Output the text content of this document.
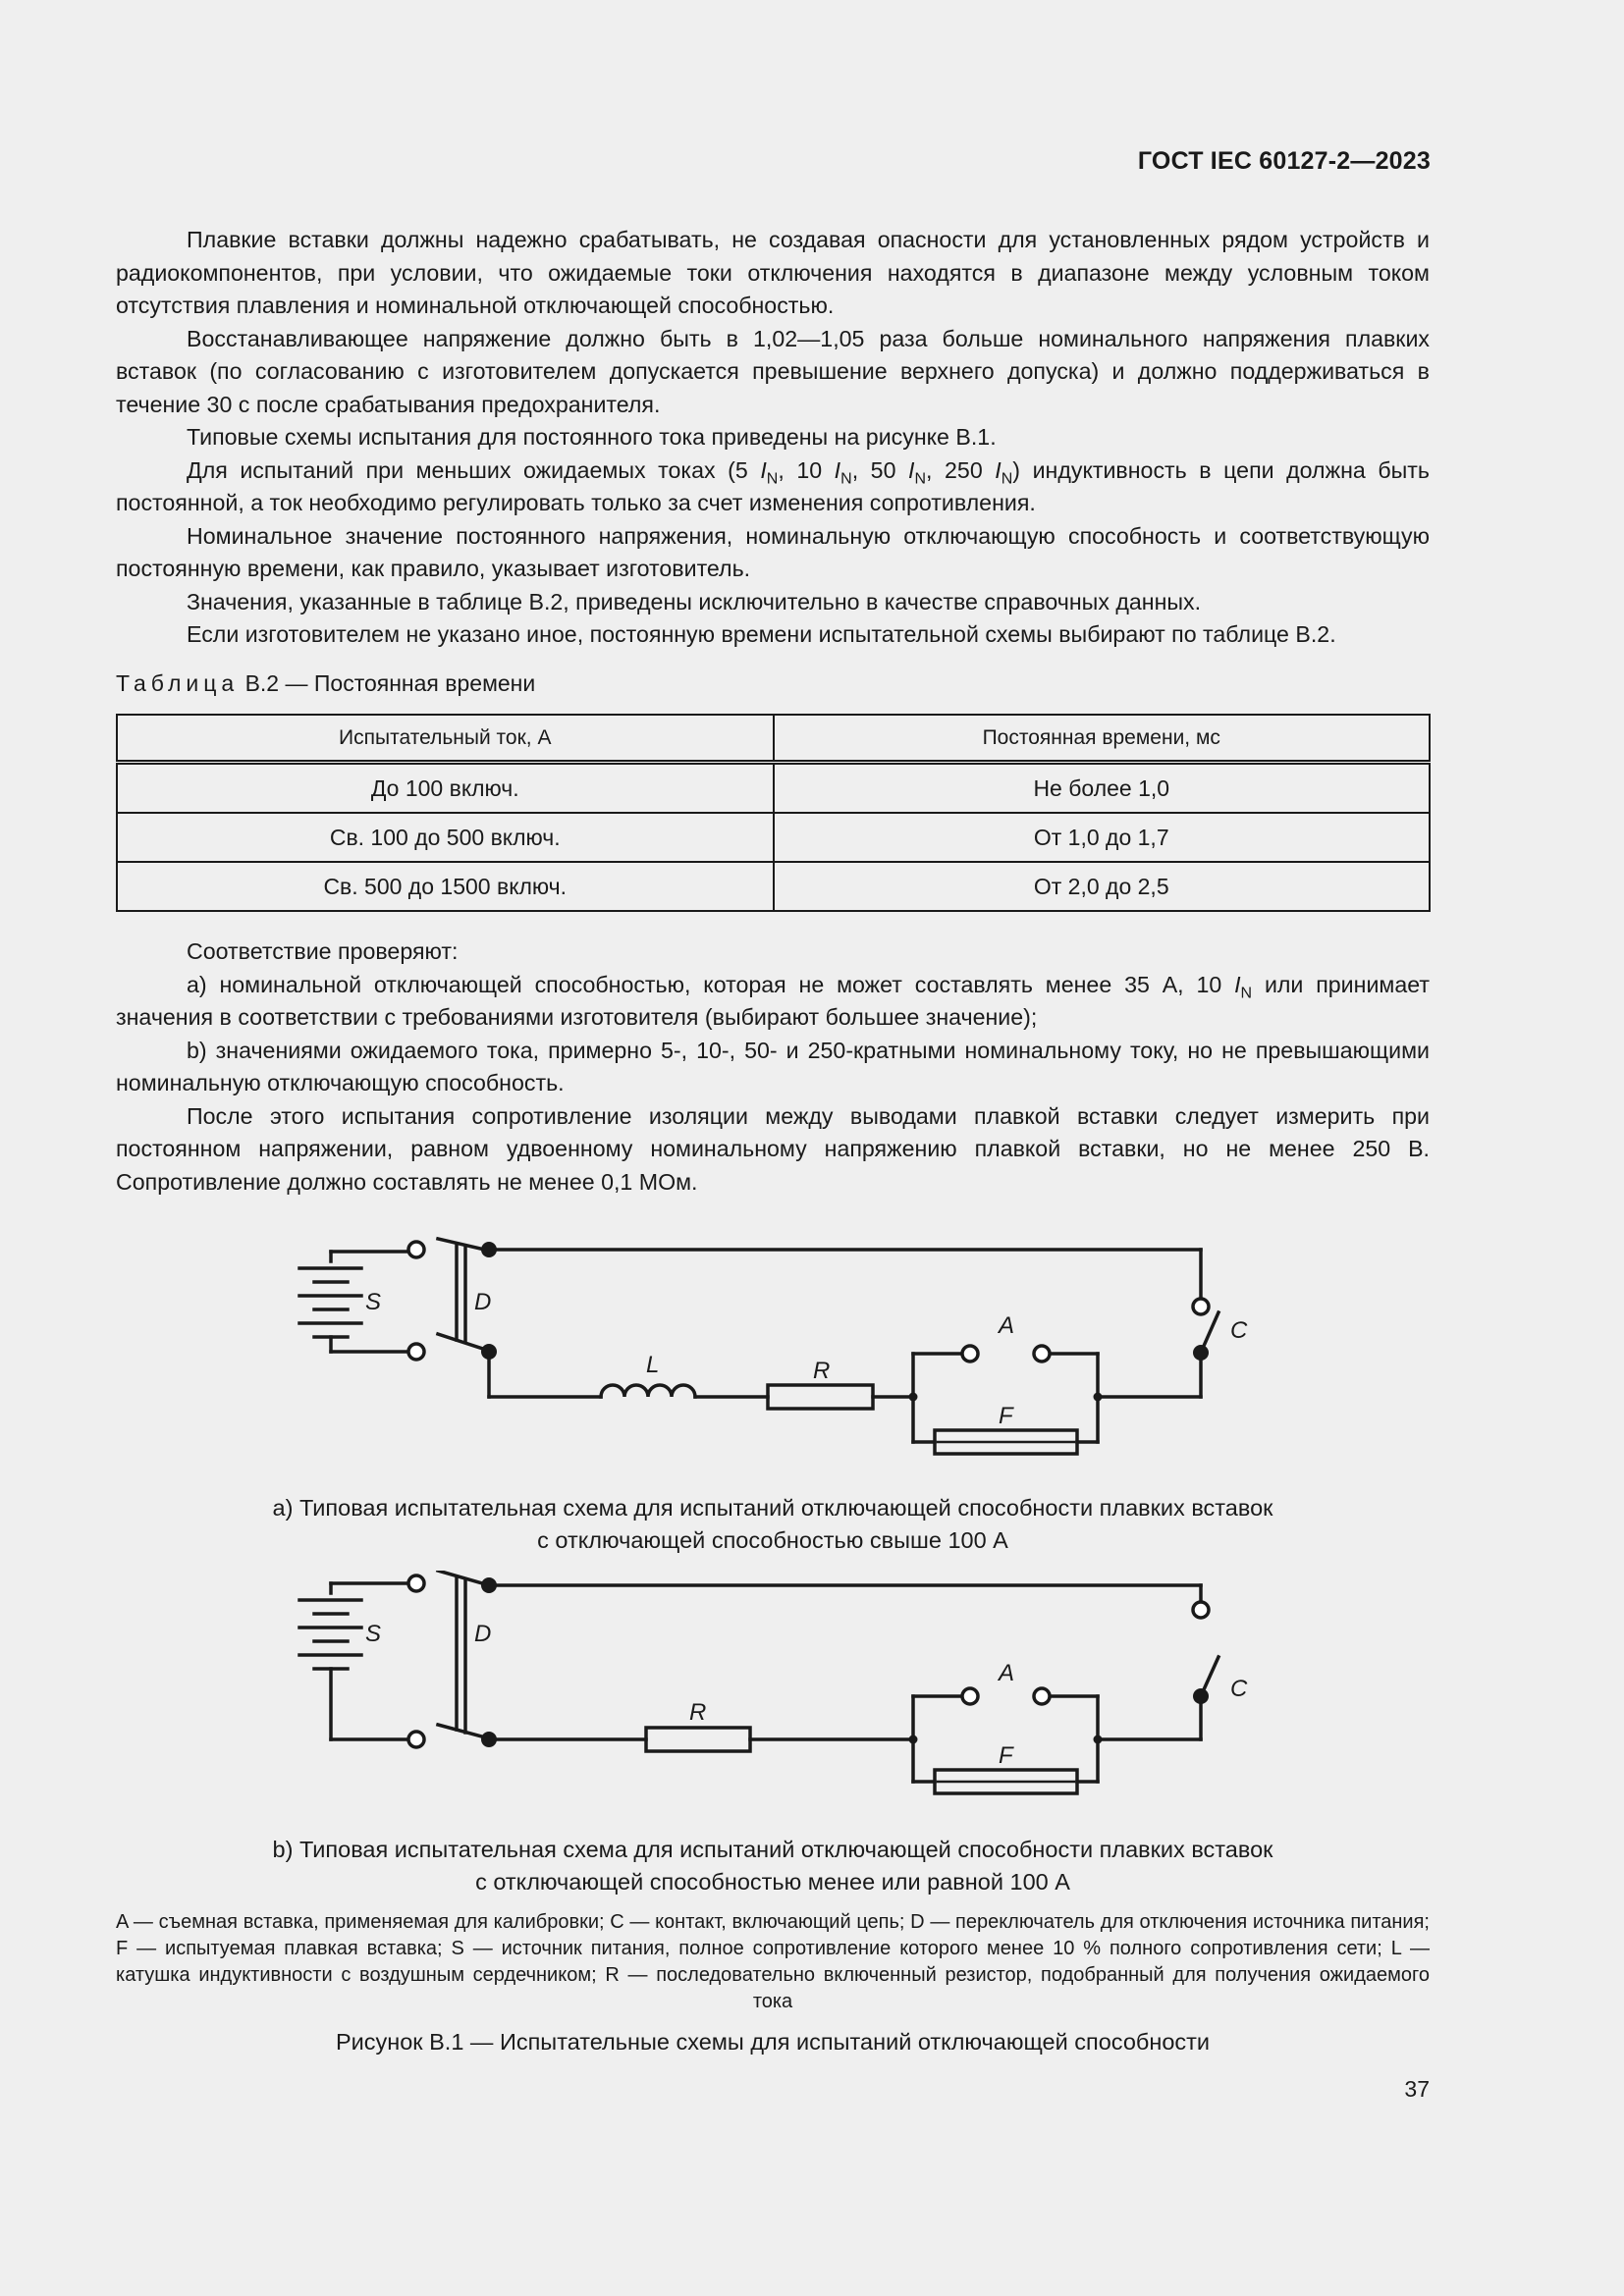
ГОСТ IEC 60127-2—2023

Плавкие вставки должны надежно срабатывать, не создавая опасности для установленных рядом устройств и радиокомпонентов, при условии, что ожидаемые токи отключения находятся в диапазоне между условным током отсутствия плавления и номинальной отключающей способностью.

Восстанавливающее напряжение должно быть в 1,02—1,05 раза больше номинального напряжения плавких вставок (по согласованию с изготовителем допускается превышение верхнего допуска) и должно поддерживаться в течение 30 с после срабатывания предохранителя.

Типовые схемы испытания для постоянного тока приведены на рисунке B.1.

Для испытаний при меньших ожидаемых токах (5 $I_N$, 10 $I_N$, 50 $I_N$, 250 $I_N$) индуктивность в цепи должна быть постоянной, а ток необходимо регулировать только за счет изменения сопротивления.

Номинальное значение постоянного напряжения, номинальную отключающую способность и соответствующую постоянную времени, как правило, указывает изготовитель.

Значения, указанные в таблице B.2, приведены исключительно в качестве справочных данных.

Если изготовителем не указано иное, постоянную времени испытательной схемы выбирают по таблице B.2.

Таблица B.2 — Постоянная времени
Испытательный ток, А	Постоянная времени, мс
До 100 включ.	Не более 1,0
Св. 100 до 500 включ.	От 1,0 до 1,7
Св. 500 до 1500 включ.	От 2,0 до 2,5

Соответствие проверяют:

a) номинальной отключающей способностью, которая не может составлять менее 35 А, 10 $I_N$ или принимает значения в соответствии с требованиями изготовителя (выбирают большее значение);

b) значениями ожидаемого тока, примерно 5-, 10-, 50- и 250-кратными номинальному току, но не превышающими номинальную отключающую способность.

После этого испытания сопротивление изоляции между выводами плавкой вставки следует измерить при постоянном напряжении, равном удвоенному номинальному напряжению плавкой вставки, но не менее 250 В. Сопротивление должно составлять не менее 0,1 МОм.

S	D
L	R
A
F
C
a) Типовая испытательная схема для испытаний отключающей способности плавких вставок
с отключающей способностью свыше 100 А
S	D
R
A
F
C
b) Типовая испытательная схема для испытаний отключающей способности плавких вставок
с отключающей способностью менее или равной 100 А
A — съемная вставка, применяемая для калибровки; C — контакт, включающий цепь; D — переключатель для отключения источника питания; F — испытуемая плавкая вставка; S — источник питания, полное сопротивление которого менее 10 % полного сопротивления сети; L — катушка индуктивности с воздушным сердечником; R — последовательно включенный резистор, подобранный для получения ожидаемого тока
Рисунок B.1 — Испытательные схемы для испытаний отключающей способности
37
